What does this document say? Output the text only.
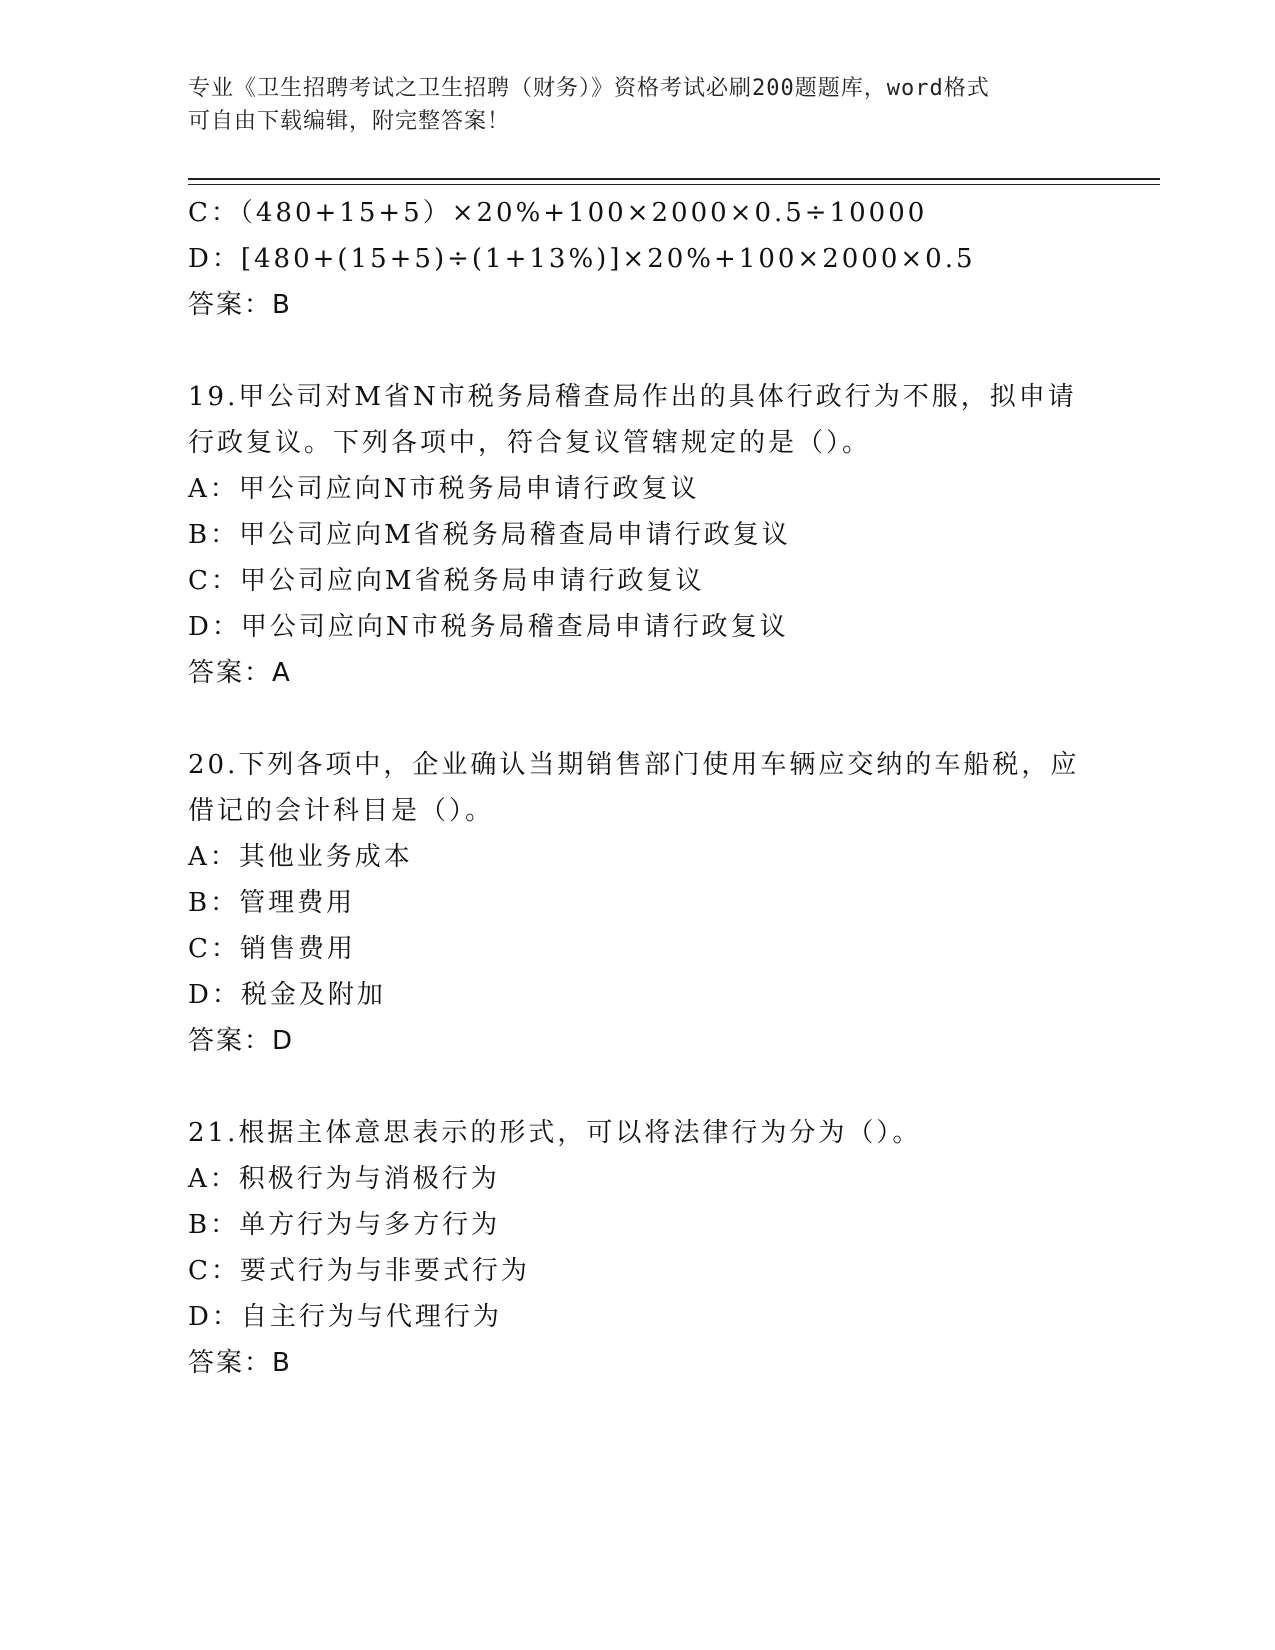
专业《卫生招聘考试之卫生招聘（财务）》资格考试必刷200题题库，word格式
可自由下载编辑，附完整答案！
C：（480+15+5）×20%+100×2000×0.5÷10000
D：[480+(15+5)÷(1+13%)]×20%+100×2000×0.5
答案：B
19.甲公司对M省N市税务局稽查局作出的具体行政行为不服，拟申请
行政复议。下列各项中，符合复议管辖规定的是（）。
A：甲公司应向N市税务局申请行政复议
B：甲公司应向M省税务局稽查局申请行政复议
C：甲公司应向M省税务局申请行政复议
D：甲公司应向N市税务局稽查局申请行政复议
答案：A
20.下列各项中，企业确认当期销售部门使用车辆应交纳的车船税，应
借记的会计科目是（）。
A：其他业务成本
B：管理费用
C：销售费用
D：税金及附加
答案：D
21.根据主体意思表示的形式，可以将法律行为分为（）。
A：积极行为与消极行为
B：单方行为与多方行为
C：要式行为与非要式行为
D：自主行为与代理行为
答案：B
